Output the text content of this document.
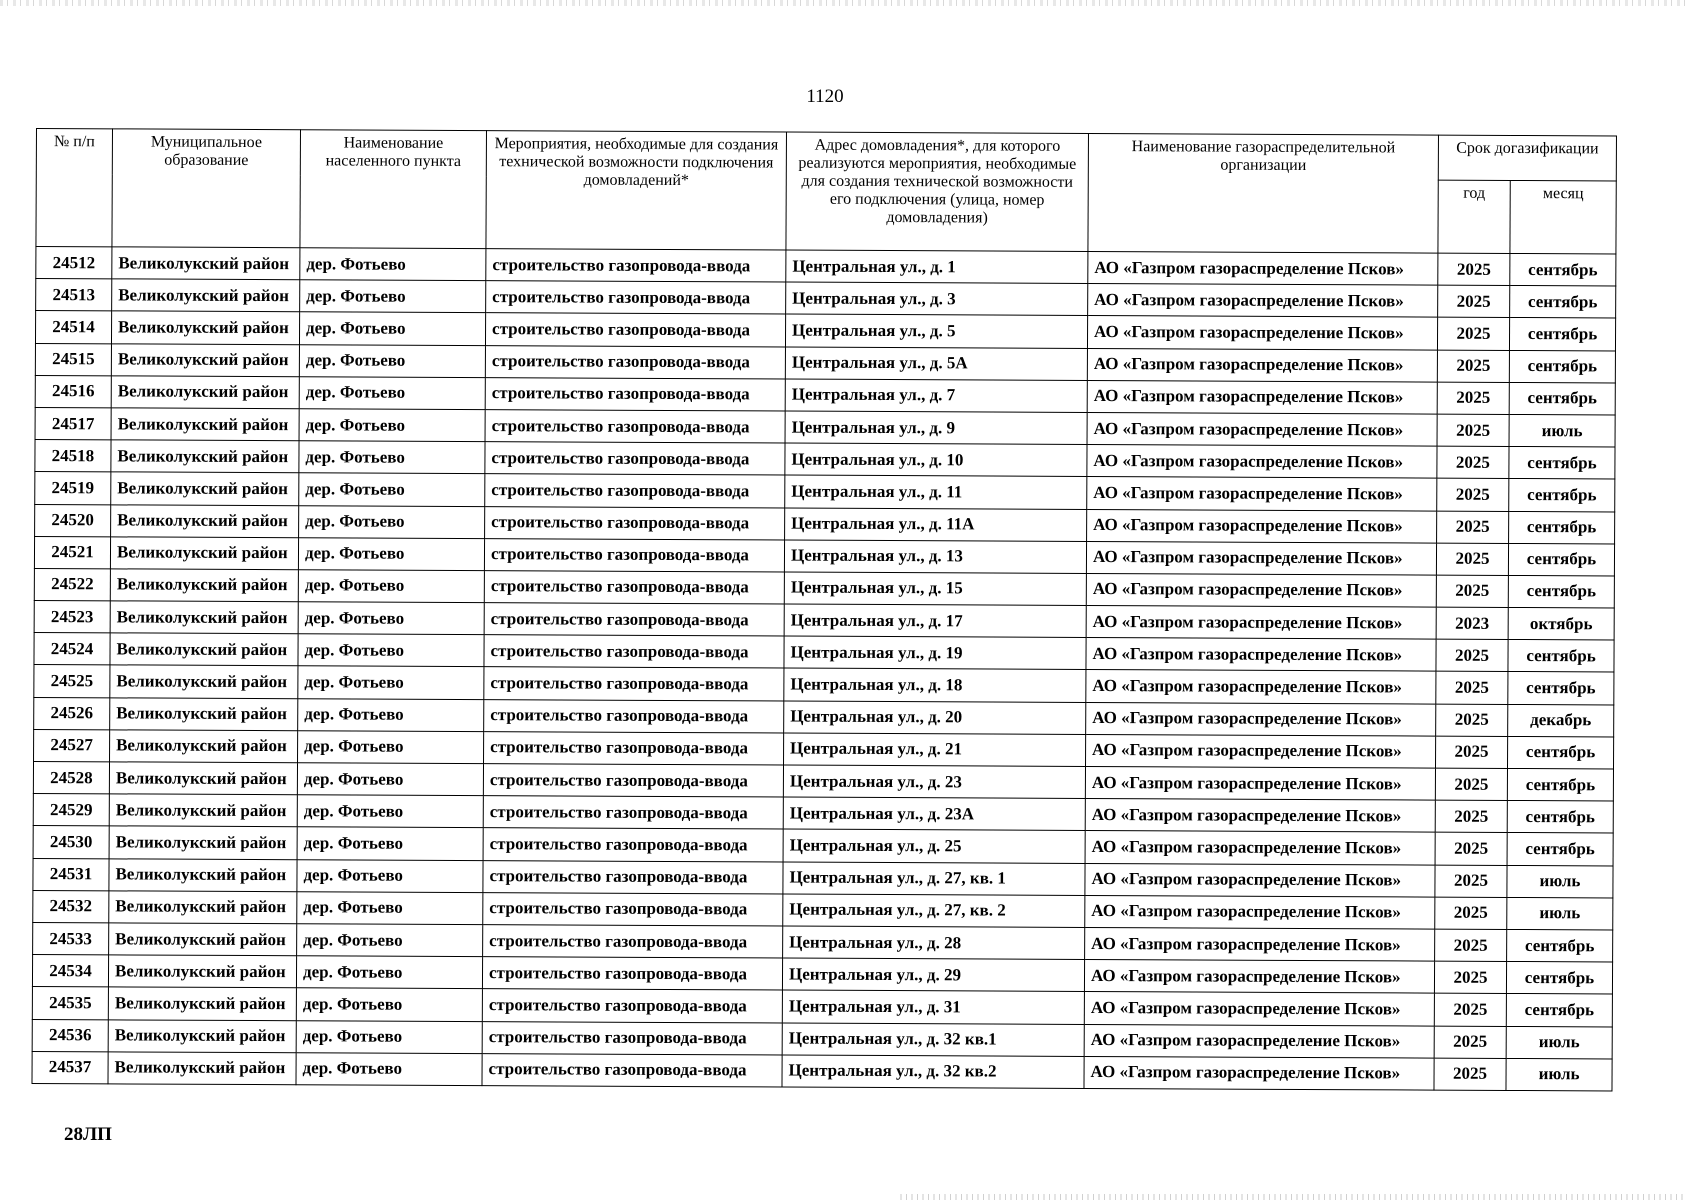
1120
№ п/п	Муниципальное образование	Наименование населенного пункта	Мероприятия, необходимые для создания технической возможности подключения домовладений*	Адрес домовладения*, для которого реализуются мероприятия, необходимые для создания технической возможности его подключения (улица, номер домовладения)	Наименование газораспределительной организации	Срок догазификации	
						год	месяц
24512	Великолукский район	дер. Фотьево	строительство газопровода-ввода	Центральная ул., д. 1	АО «Газпром газораспределение Псков»	2025	сентябрь
24513	Великолукский район	дер. Фотьево	строительство газопровода-ввода	Центральная ул., д. 3	АО «Газпром газораспределение Псков»	2025	сентябрь
24514	Великолукский район	дер. Фотьево	строительство газопровода-ввода	Центральная ул., д. 5	АО «Газпром газораспределение Псков»	2025	сентябрь
24515	Великолукский район	дер. Фотьево	строительство газопровода-ввода	Центральная ул., д. 5А	АО «Газпром газораспределение Псков»	2025	сентябрь
24516	Великолукский район	дер. Фотьево	строительство газопровода-ввода	Центральная ул., д. 7	АО «Газпром газораспределение Псков»	2025	сентябрь
24517	Великолукский район	дер. Фотьево	строительство газопровода-ввода	Центральная ул., д. 9	АО «Газпром газораспределение Псков»	2025	июль
24518	Великолукский район	дер. Фотьево	строительство газопровода-ввода	Центральная ул., д. 10	АО «Газпром газораспределение Псков»	2025	сентябрь
24519	Великолукский район	дер. Фотьево	строительство газопровода-ввода	Центральная ул., д. 11	АО «Газпром газораспределение Псков»	2025	сентябрь
24520	Великолукский район	дер. Фотьево	строительство газопровода-ввода	Центральная ул., д. 11А	АО «Газпром газораспределение Псков»	2025	сентябрь
24521	Великолукский район	дер. Фотьево	строительство газопровода-ввода	Центральная ул., д. 13	АО «Газпром газораспределение Псков»	2025	сентябрь
24522	Великолукский район	дер. Фотьево	строительство газопровода-ввода	Центральная ул., д. 15	АО «Газпром газораспределение Псков»	2025	сентябрь
24523	Великолукский район	дер. Фотьево	строительство газопровода-ввода	Центральная ул., д. 17	АО «Газпром газораспределение Псков»	2023	октябрь
24524	Великолукский район	дер. Фотьево	строительство газопровода-ввода	Центральная ул., д. 19	АО «Газпром газораспределение Псков»	2025	сентябрь
24525	Великолукский район	дер. Фотьево	строительство газопровода-ввода	Центральная ул., д. 18	АО «Газпром газораспределение Псков»	2025	сентябрь
24526	Великолукский район	дер. Фотьево	строительство газопровода-ввода	Центральная ул., д. 20	АО «Газпром газораспределение Псков»	2025	декабрь
24527	Великолукский район	дер. Фотьево	строительство газопровода-ввода	Центральная ул., д. 21	АО «Газпром газораспределение Псков»	2025	сентябрь
24528	Великолукский район	дер. Фотьево	строительство газопровода-ввода	Центральная ул., д. 23	АО «Газпром газораспределение Псков»	2025	сентябрь
24529	Великолукский район	дер. Фотьево	строительство газопровода-ввода	Центральная ул., д. 23А	АО «Газпром газораспределение Псков»	2025	сентябрь
24530	Великолукский район	дер. Фотьево	строительство газопровода-ввода	Центральная ул., д. 25	АО «Газпром газораспределение Псков»	2025	сентябрь
24531	Великолукский район	дер. Фотьево	строительство газопровода-ввода	Центральная ул., д. 27, кв. 1	АО «Газпром газораспределение Псков»	2025	июль
24532	Великолукский район	дер. Фотьево	строительство газопровода-ввода	Центральная ул., д. 27, кв. 2	АО «Газпром газораспределение Псков»	2025	июль
24533	Великолукский район	дер. Фотьево	строительство газопровода-ввода	Центральная ул., д. 28	АО «Газпром газораспределение Псков»	2025	сентябрь
24534	Великолукский район	дер. Фотьево	строительство газопровода-ввода	Центральная ул., д. 29	АО «Газпром газораспределение Псков»	2025	сентябрь
24535	Великолукский район	дер. Фотьево	строительство газопровода-ввода	Центральная ул., д. 31	АО «Газпром газораспределение Псков»	2025	сентябрь
24536	Великолукский район	дер. Фотьево	строительство газопровода-ввода	Центральная ул., д. 32 кв.1	АО «Газпром газораспределение Псков»	2025	июль
24537	Великолукский район	дер. Фотьево	строительство газопровода-ввода	Центральная ул., д. 32 кв.2	АО «Газпром газораспределение Псков»	2025	июль
28ЛП
